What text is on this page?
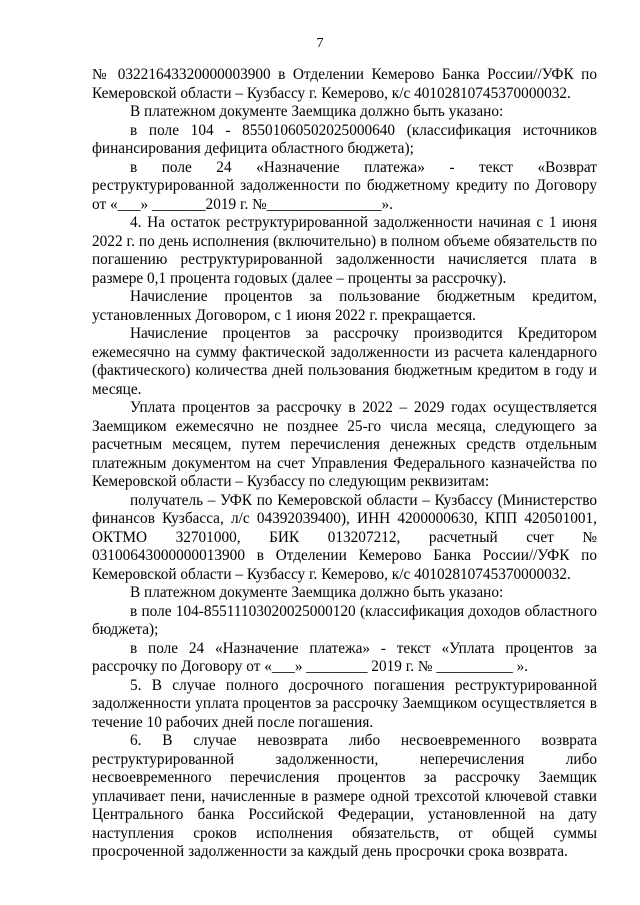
7

№ 03221643320000003900 в Отделении Кемерово Банка России//УФК по Кемеровской области – Кузбассу г. Кемерово, к/с 40102810745370000032.

В платежном документе Заемщика должно быть указано:

в поле 104 - 85501060502025000640 (классификация источников финансирования дефицита областного бюджета);

в поле 24 «Назначение платежа» - текст «Возврат реструктурированной задолженности по бюджетному кредиту по Договору от «___» _______2019 г. №_______________».

4. На остаток реструктурированной задолженности начиная с 1 июня 2022 г. по день исполнения (включительно) в полном объеме обязательств по погашению реструктурированной задолженности начисляется плата в размере 0,1 процента годовых (далее – проценты за рассрочку).

Начисление процентов за пользование бюджетным кредитом, установленных Договором, с 1 июня 2022 г. прекращается.

Начисление процентов за рассрочку производится Кредитором ежемесячно на сумму фактической задолженности из расчета календарного (фактического) количества дней пользования бюджетным кредитом в году и месяце.

Уплата процентов за рассрочку в 2022 – 2029 годах осуществляется Заемщиком ежемесячно не позднее 25-го числа месяца, следующего за расчетным месяцем, путем перечисления денежных средств отдельным платежным документом на счет Управления Федерального казначейства по Кемеровской области – Кузбассу по следующим реквизитам:

получатель – УФК по Кемеровской области – Кузбассу (Министерство финансов Кузбасса, л/с 04392039400), ИНН 4200000630, КПП 420501001, ОКТМО 32701000, БИК 013207212, расчетный счет № 03100643000000013900 в Отделении Кемерово Банка России//УФК по Кемеровской области – Кузбассу г. Кемерово, к/с 40102810745370000032.

В платежном документе Заемщика должно быть указано:

в поле 104-85511103020025000120 (классификация доходов областного бюджета);

в поле 24 «Назначение платежа» - текст «Уплата процентов за рассрочку по Договору от «___» ________ 2019 г. № __________ ».

5. В случае полного досрочного погашения реструктурированной задолженности уплата процентов за рассрочку Заемщиком осуществляется в течение 10 рабочих дней после погашения.

6. В случае невозврата либо несвоевременного возврата реструктурированной задолженности, неперечисления либо несвоевременного перечисления процентов за рассрочку Заемщик уплачивает пени, начисленные в размере одной трехсотой ключевой ставки Центрального банка Российской Федерации, установленной на дату наступления сроков исполнения обязательств, от общей суммы просроченной задолженности за каждый день просрочки срока возврата.
